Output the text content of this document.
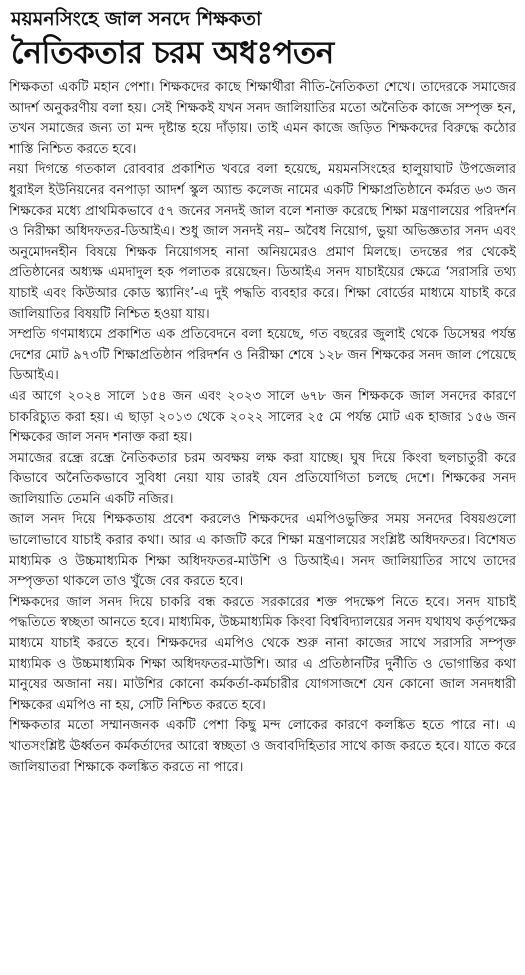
ময়মনসিংহে জাল সনদে শিক্ষকতা
নৈতিকতার চরম অধঃপতন

শিক্ষকতা একটি মহান পেশা। শিক্ষকদের কাছে শিক্ষার্থীরা নীতি-নৈতিকতা শেখে। তাদেরকে সমাজের আদর্শ অনুকরণীয় বলা হয়। সেই শিক্ষকই যখন সনদ জালিয়াতির মতো অনৈতিক কাজে সম্পৃক্ত হন, তখন সমাজের জন্য তা মন্দ দৃষ্টান্ত হয়ে দাঁড়ায়। তাই এমন কাজে জড়িত শিক্ষকদের বিরুদ্ধে কঠোর শাস্তি নিশ্চিত করতে হবে।

নয়া দিগন্তে গতকাল রোববার প্রকাশিত খবরে বলা হয়েছে, ময়মনসিংহের হালুয়াঘাট উপজেলার ধুরাইল ইউনিয়নের বনপাড়া আদর্শ স্কুল অ্যান্ড কলেজ নামের একটি শিক্ষাপ্রতিষ্ঠানে কর্মরত ৬৩ জন শিক্ষকের মধ্যে প্রাথমিকভাবে ৫৭ জনের সনদই জাল বলে শনাক্ত করেছে শিক্ষা মন্ত্রণালয়ের পরিদর্শন ও নিরীক্ষা অধিদফতর-ডিআইএ। শুধু জাল সনদই নয়– অবৈধ নিয়োগ, ভুয়া অভিজ্ঞতার সনদ এবং অনুমোদনহীন বিষয়ে শিক্ষক নিয়োগসহ নানা অনিয়মেরও প্রমাণ মিলছে। তদন্তের পর থেকেই প্রতিষ্ঠানের অধ্যক্ষ এমদাদুল হক পলাতক রয়েছেন। ডিআইএ সনদ যাচাইয়ের ক্ষেত্রে ‘সরাসরি তথ্য যাচাই এবং কিউআর কোড স্ক্যানিং’-এ দুই পদ্ধতি ব্যবহার করে। শিক্ষা বোর্ডের মাধ্যমে যাচাই করে জালিয়াতির বিষয়টি নিশ্চিত হওয়া যায়।

সম্প্রতি গণমাধ্যমে প্রকাশিত এক প্রতিবেদনে বলা হয়েছে, গত বছরের জুলাই থেকে ডিসেম্বর পর্যন্ত দেশের মোট ৯৭৩টি শিক্ষাপ্রতিষ্ঠান পরিদর্শন ও নিরীক্ষা শেষে ১২৮ জন শিক্ষকের সনদ জাল পেয়েছে ডিআইএ।

এর আগে ২০২৪ সালে ১৫৪ জন এবং ২০২৩ সালে ৬৭৮ জন শিক্ষককে জাল সনদের কারণে চাকরিচ্যুত করা হয়। এ ছাড়া ২০১৩ থেকে ২০২২ সালের ২৫ মে পর্যন্ত মোট এক হাজার ১৫৬ জন শিক্ষকের জাল সনদ শনাক্ত করা হয়।

সমাজের রন্ধ্রে রন্ধ্রে নৈতিকতার চরম অবক্ষয় লক্ষ করা যাচ্ছে। ঘুষ দিয়ে কিংবা ছলচাতুরী করে কিভাবে অনৈতিকভাবে সুবিধা নেয়া যায় তারই যেন প্রতিযোগিতা চলছে দেশে। শিক্ষকের সনদ জালিয়াতি তেমনি একটি নজির।

জাল সনদ দিয়ে শিক্ষকতায় প্রবেশ করলেও শিক্ষকদের এমপিওভুক্তির সময় সনদের বিষয়গুলো ভালোভাবে যাচাই করার কথা। আর এ কাজটি করে শিক্ষা মন্ত্রণালয়ের সংশ্লিষ্ট অধিদফতর। বিশেষত মাধ্যমিক ও উচ্চমাধ্যমিক শিক্ষা অধিদফতর-মাউশি ও ডিআইএ। সনদ জালিয়াতির সাথে তাদের সম্পৃক্ততা থাকলে তাও খুঁজে বের করতে হবে।

শিক্ষকদের জাল সনদ দিয়ে চাকরি বন্ধ করতে সরকারের শক্ত পদক্ষেপ নিতে হবে। সনদ যাচাই পদ্ধতিতে স্বচ্ছতা আনতে হবে। মাধ্যমিক, উচ্চমাধ্যমিক কিংবা বিশ্ববিদ্যালয়ের সনদ যথাযথ কর্তৃপক্ষের মাধ্যমে যাচাই করতে হবে। শিক্ষকদের এমপিও থেকে শুরু নানা কাজের সাথে সরাসরি সম্পৃক্ত মাধ্যমিক ও উচ্চমাধ্যমিক শিক্ষা অধিদফতর-মাউশি। আর এ প্রতিষ্ঠানটির দুর্নীতি ও ভোগান্তির কথা মানুষের অজানা নয়। মাউশির কোনো কর্মকর্তা-কর্মচারীর যোগসাজশে যেন কোনো জাল সনদধারী শিক্ষকের এমপিও না হয়, সেটি নিশ্চিত করতে হবে।

শিক্ষকতার মতো সম্মানজনক একটি পেশা কিছু মন্দ লোকের কারণে কলঙ্কিত হতে পারে না। এ খাতসংশ্লিষ্ট ঊর্ধ্বতন কর্মকর্তাদের আরো স্বচ্ছতা ও জবাবদিহিতার সাথে কাজ করতে হবে। যাতে করে জালিয়াতরা শিক্ষাকে কলঙ্কিত করতে না পারে।
